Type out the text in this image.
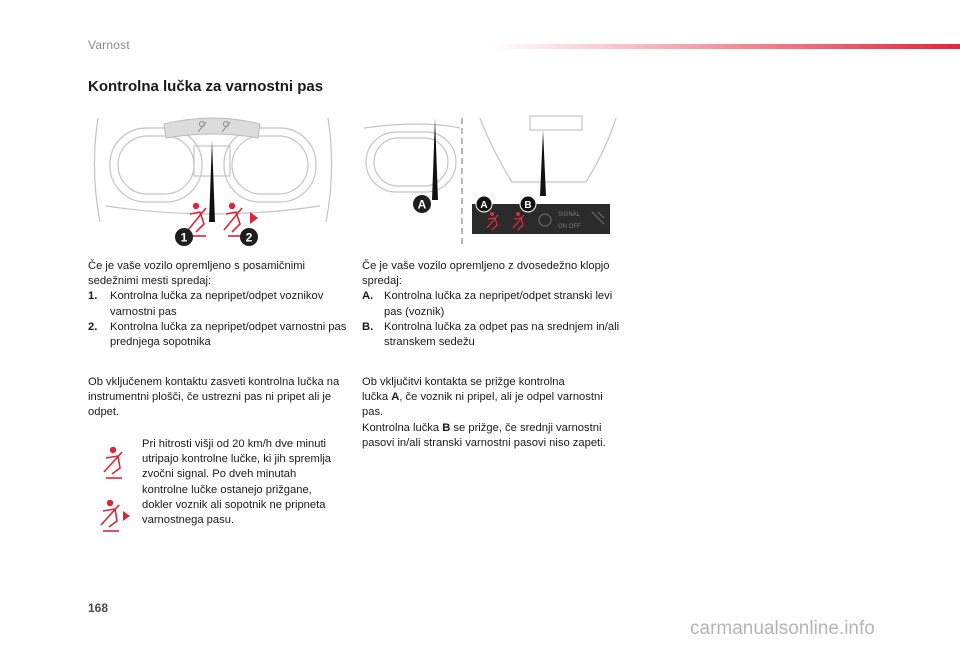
Varnost
Kontrolna lučka za varnostni pas
1	2
A	A	B
SIGNAL
ON OFF

Če je vaše vozilo opremljeno s posamičnimi sedežnimi mesti spredaj:

1.	Kontrolna lučka za nepripet/odpet voznikov varnostni pas
2.	Kontrolna lučka za nepripet/odpet varnostni pas prednjega sopotnika

Ob vključenem kontaktu zasveti kontrolna lučka na instrumentni plošči, če ustrezni pas ni pripet ali je odpet.

Pri hitrosti višji od 20 km/h dve minuti utripajo kontrolne lučke, ki jih spremlja zvočni signal. Po dveh minutah kontrolne lučke ostanejo prižgane, dokler voznik ali sopotnik ne pripneta varnostnega pasu.

Če je vaše vozilo opremljeno z dvosedežno klopjo spredaj:

A. Kontrolna lučka za nepripet/odpet stranski levi pas (voznik)
B. Kontrolna lučka za odpet pas na srednjem in/ali stranskem sedežu

Ob vključitvi kontakta se prižge kontrolna

lučka A, če voznik ni pripel, ali je odpel varnostni pas.

Kontrolna lučka B se prižge, če srednji varnostni pasovi in/ali stranski varnostni pasovi niso zapeti.

168
carmanualsonline.info
